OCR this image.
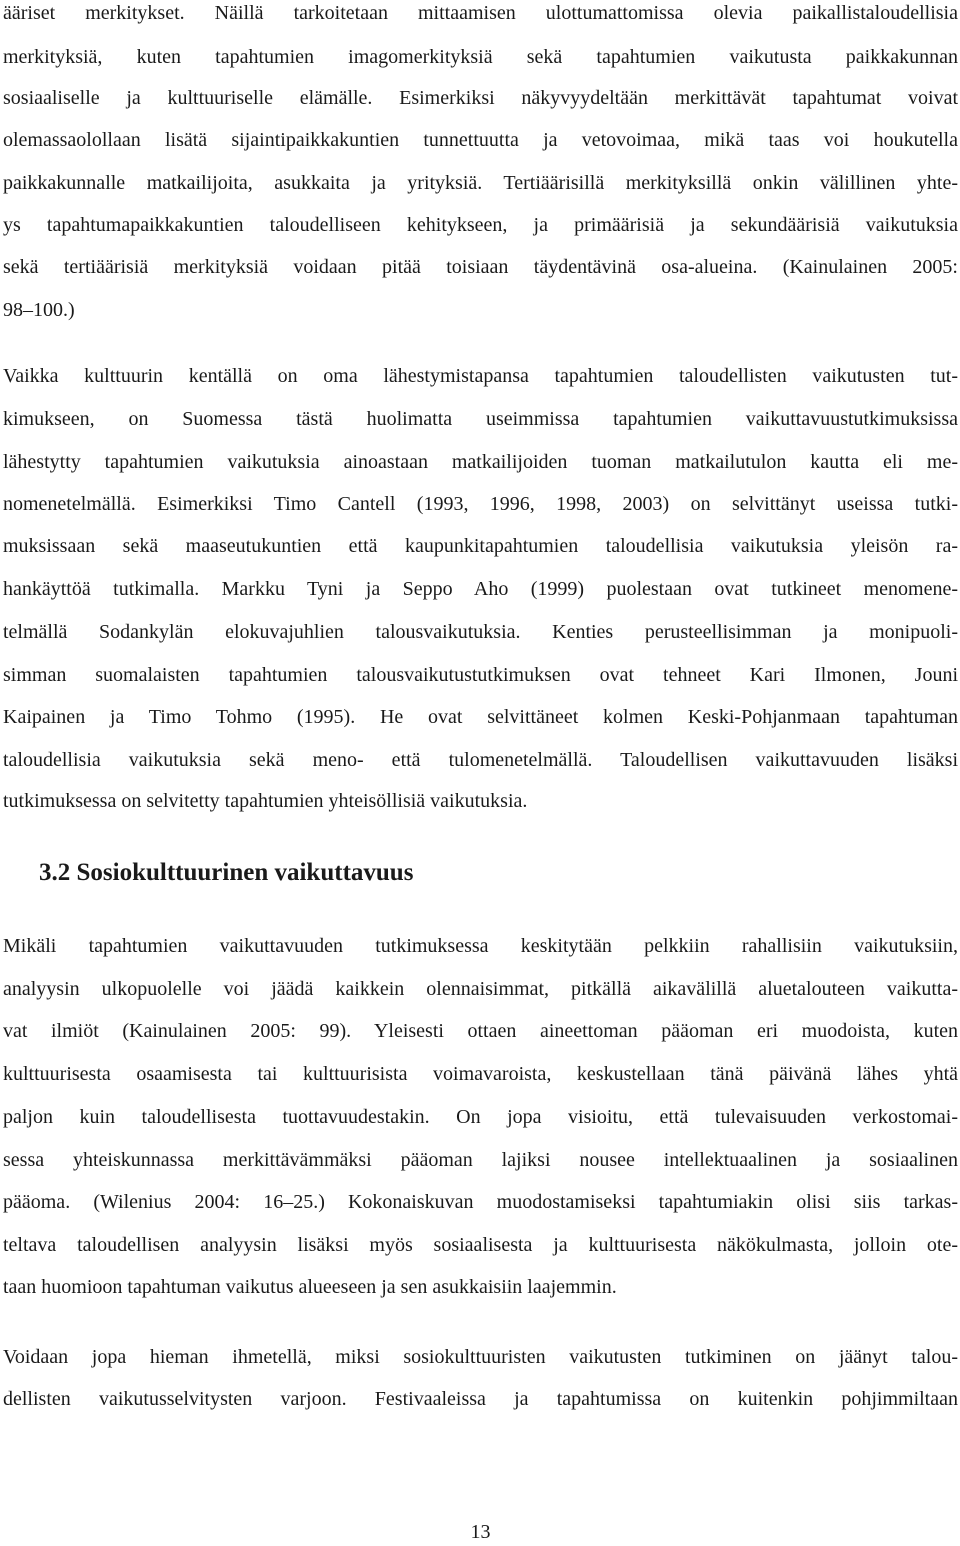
ääriset merkitykset. Näillä tarkoitetaan mittaamisen ulottumattomissa olevia paikallistaloudellisia
merkityksiä, kuten tapahtumien imagomerkityksiä sekä tapahtumien vaikutusta paikkakunnan
sosiaaliselle ja kulttuuriselle elämälle. Esimerkiksi näkyvyydeltään merkittävät tapahtumat voivat
olemassaolollaan lisätä sijaintipaikkakuntien tunnettuutta ja vetovoimaa, mikä taas voi houkutella
paikkakunnalle matkailijoita, asukkaita ja yrityksiä. Tertiäärisillä merkityksillä onkin välillinen yhte-
ys tapahtumapaikkakuntien taloudelliseen kehitykseen, ja primäärisiä ja sekundäärisiä vaikutuksia
sekä tertiäärisiä merkityksiä voidaan pitää toisiaan täydentävinä osa-alueina. (Kainulainen 2005:
98–100.)
Vaikka kulttuurin kentällä on oma lähestymistapansa tapahtumien taloudellisten vaikutusten tut-
kimukseen, on Suomessa tästä huolimatta useimmissa tapahtumien vaikuttavuustutkimuksissa
lähestytty tapahtumien vaikutuksia ainoastaan matkailijoiden tuoman matkailutulon kautta eli me-
nomenetelmällä. Esimerkiksi Timo Cantell (1993, 1996, 1998, 2003) on selvittänyt useissa tutki-
muksissaan sekä maaseutukuntien että kaupunkitapahtumien taloudellisia vaikutuksia yleisön ra-
hankäyttöä tutkimalla. Markku Tyni ja Seppo Aho (1999) puolestaan ovat tutkineet menomene-
telmällä Sodankylän elokuvajuhlien talousvaikutuksia. Kenties perusteellisimman ja monipuoli-
simman suomalaisten tapahtumien talousvaikutustutkimuksen ovat tehneet Kari Ilmonen, Jouni
Kaipainen ja Timo Tohmo (1995). He ovat selvittäneet kolmen Keski-Pohjanmaan tapahtuman
taloudellisia vaikutuksia sekä meno- että tulomenetelmällä. Taloudellisen vaikuttavuuden lisäksi
tutkimuksessa on selvitetty tapahtumien yhteisöllisiä vaikutuksia.
3.2 Sosiokulttuurinen vaikuttavuus
Mikäli tapahtumien vaikuttavuuden tutkimuksessa keskitytään pelkkiin rahallisiin vaikutuksiin,
analyysin ulkopuolelle voi jäädä kaikkein olennaisimmat, pitkällä aikavälillä aluetalouteen vaikutta-
vat ilmiöt (Kainulainen 2005: 99). Yleisesti ottaen aineettoman pääoman eri muodoista, kuten
kulttuurisesta osaamisesta tai kulttuurisista voimavaroista, keskustellaan tänä päivänä lähes yhtä
paljon kuin taloudellisesta tuottavuudestakin. On jopa visioitu, että tulevaisuuden verkostomai-
sessa yhteiskunnassa merkittävämmäksi pääoman lajiksi nousee intellektuaalinen ja sosiaalinen
pääoma. (Wilenius 2004: 16–25.) Kokonaiskuvan muodostamiseksi tapahtumiakin olisi siis tarkas-
teltava taloudellisen analyysin lisäksi myös sosiaalisesta ja kulttuurisesta näkökulmasta, jolloin ote-
taan huomioon tapahtuman vaikutus alueeseen ja sen asukkaisiin laajemmin.
Voidaan jopa hieman ihmetellä, miksi sosiokulttuuristen vaikutusten tutkiminen on jäänyt talou-
dellisten vaikutusselvitysten varjoon. Festivaaleissa ja tapahtumissa on kuitenkin pohjimmiltaan
13
